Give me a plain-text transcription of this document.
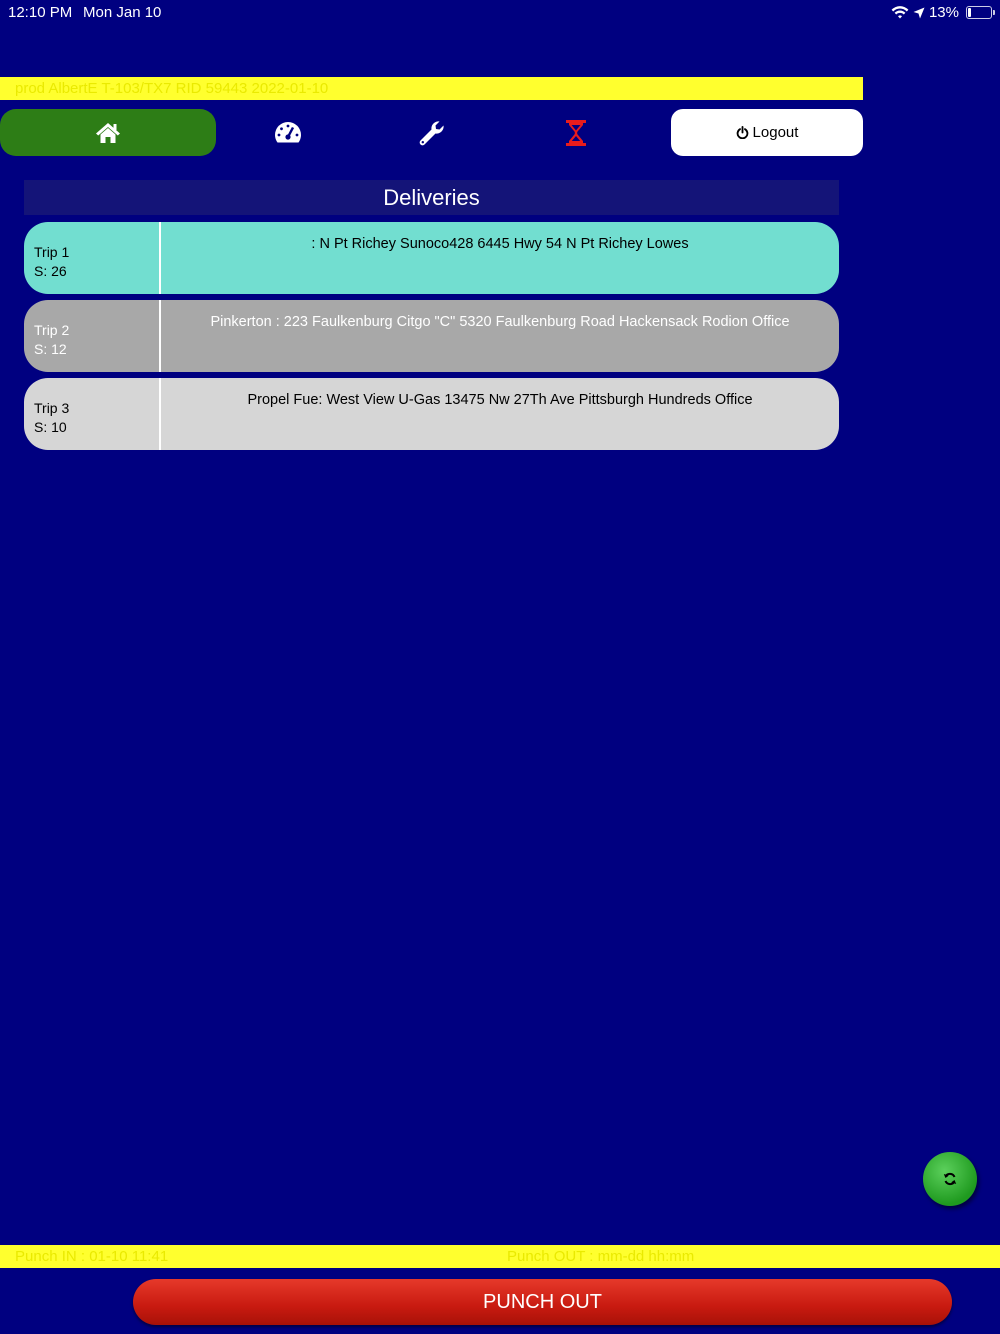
12:10 PM Mon Jan 10	13%
prod AlbertE T-103/TX7 RID 59443 2022-01-10
Logout
Deliveries
Trip 1
S: 26
: N Pt Richey Sunoco428 6445 Hwy 54 N Pt Richey Lowes
Trip 2
S: 12
Pinkerton : 223 Faulkenburg Citgo "C" 5320 Faulkenburg Road Hackensack Rodion Office
Trip 3
S: 10
Propel Fue: West View U-Gas 13475 Nw 27Th Ave Pittsburgh Hundreds Office
Punch IN : 01-10 11:41	Punch OUT : mm-dd hh:mm
PUNCH OUT
